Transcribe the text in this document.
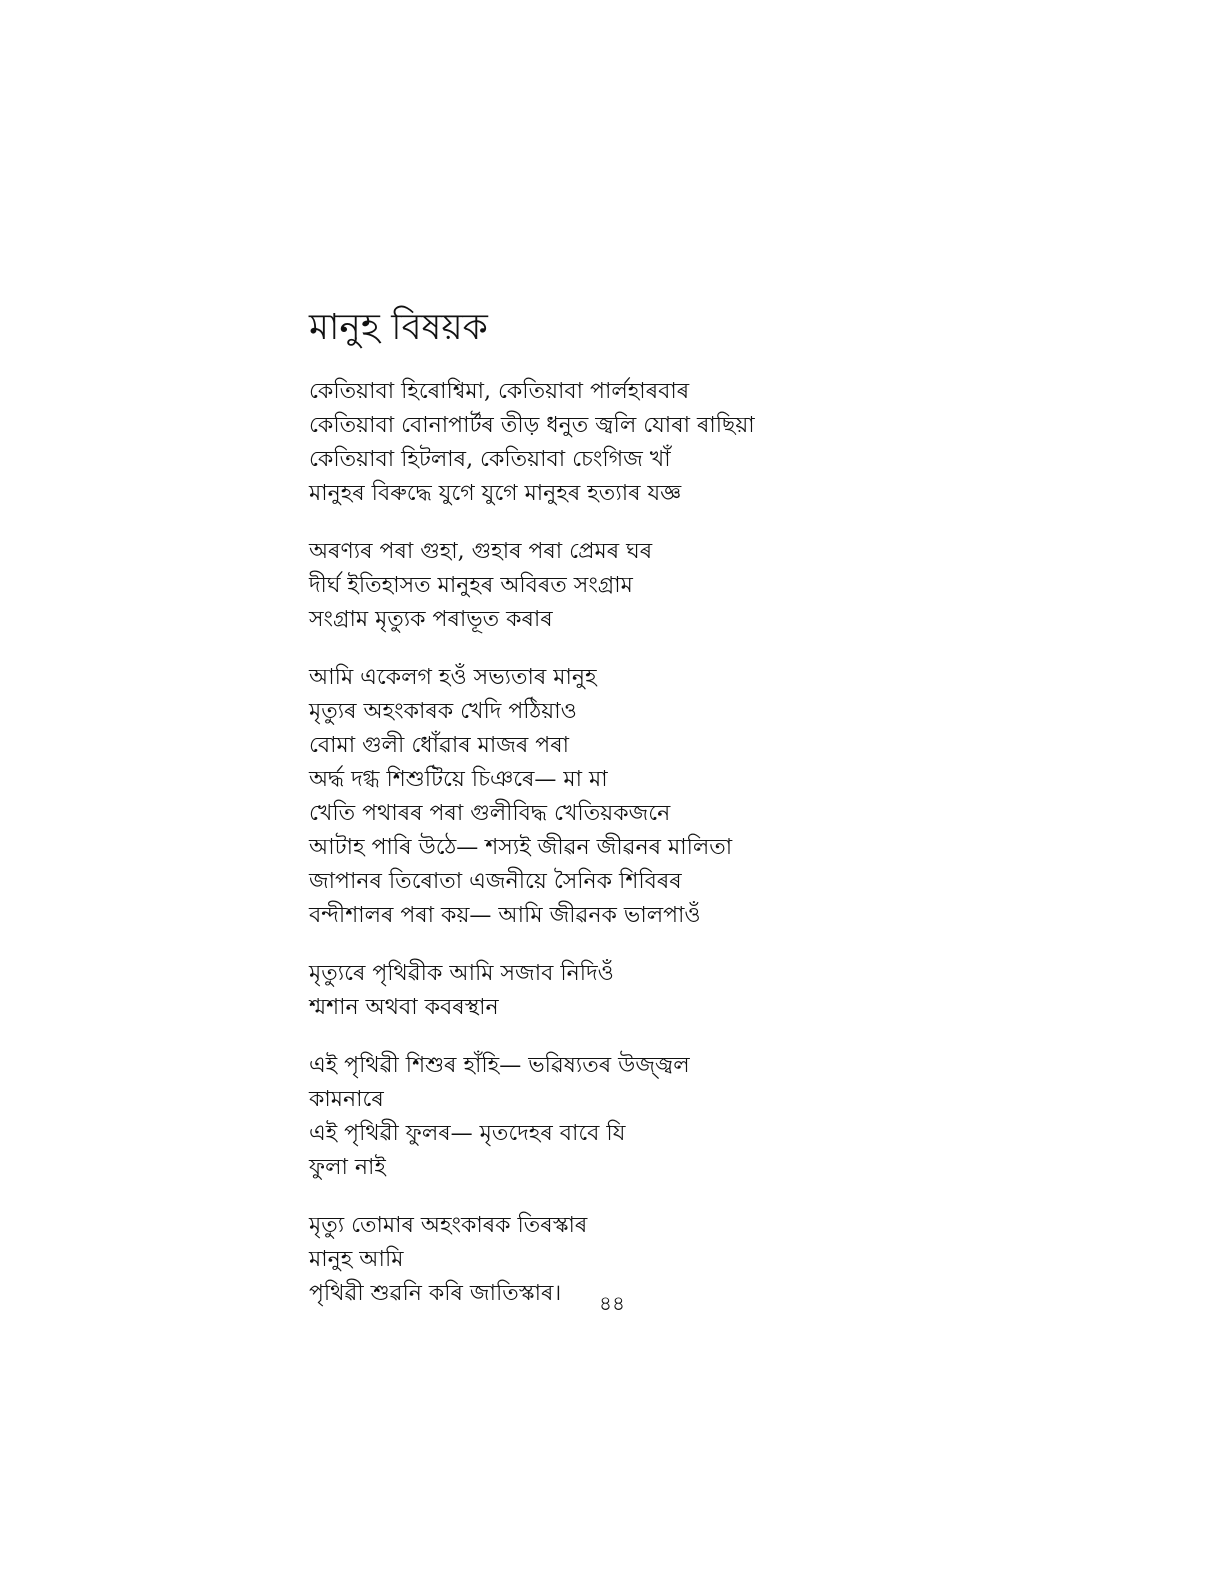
মানুহ বিষয়ক
কেতিয়াবা হিৰোশ্বিমা, কেতিয়াবা পার্লহাৰবাৰ
কেতিয়াবা বোনাপার্টৰ তীড় ধনুত জ্বলি যোৰা ৰাছিয়া
কেতিয়াবা হিটলাৰ, কেতিয়াবা চেংগিজ খাঁ
মানুহৰ বিৰুদ্ধে যুগে যুগে মানুহৰ হত্যাৰ যজ্ঞ
অৰণ্যৰ পৰা গুহা, গুহাৰ পৰা প্ৰেমৰ ঘৰ
দীৰ্ঘ ইতিহাসত মানুহৰ অবিৰত সংগ্ৰাম
সংগ্ৰাম মৃত্যুক পৰাভূত কৰাৰ
আমি একেলগ হওঁ সভ্যতাৰ মানুহ
মৃত্যুৰ অহংকাৰক খেদি পঠিয়াও
বোমা গুলী ধোঁৱাৰ মাজৰ পৰা
অৰ্দ্ধ দগ্ধ শিশুটিয়ে চিঞৰে— মা মা
খেতি পথাৰৰ পৰা গুলীবিদ্ধ খেতিয়কজনে
আটাহ পাৰি উঠে— শস্যই জীৱন জীৱনৰ মালিতা
জাপানৰ তিৰোতা এজনীয়ে সৈনিক শিবিৰৰ
বন্দীশালৰ পৰা কয়— আমি জীৱনক ভালপাওঁ
মৃত্যুৰে পৃথিৱীক আমি সজাব নিদিওঁ
শ্মশান অথবা কবৰস্থান
এই পৃথিৱী শিশুৰ হাঁহি— ভৱিষ্যতৰ উজ্জ্বল
কামনাৰে
এই পৃথিৱী ফুলৰ— মৃতদেহৰ বাবে যি
ফুলা নাই
মৃত্যু তোমাৰ অহংকাৰক তিৰস্কাৰ
মানুহ আমি
পৃথিৱী শুৱনি কৰি জাতিস্কাৰ।	৪৪
